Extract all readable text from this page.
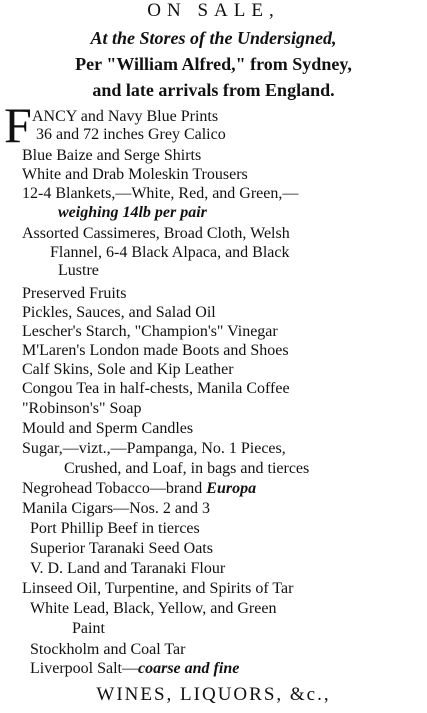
ON SALE,
At the Stores of the Undersigned,
Per "William Alfred," from Sydney,
and late arrivals from England.
F ANCY and Navy Blue Prints
36 and 72 inches Grey Calico
Blue Baize and Serge Shirts
White and Drab Moleskin Trousers
12-4 Blankets,—White, Red, and Green,—
weighing 14lb per pair
Assorted Cassimeres, Broad Cloth, Welsh
Flannel, 6-4 Black Alpaca, and Black
Lustre
Preserved Fruits
Pickles, Sauces, and Salad Oil
Lescher's Starch, "Champion's" Vinegar
M'Laren's London made Boots and Shoes
Calf Skins, Sole and Kip Leather
Congou Tea in half-chests, Manila Coffee
"Robinson's" Soap
Mould and Sperm Candles
Sugar,—vizt.,—Pampanga, No. 1 Pieces,
Crushed, and Loaf, in bags and tierces
Negrohead Tobacco—brand Europa
Manila Cigars—Nos. 2 and 3
Port Phillip Beef in tierces
Superior Taranaki Seed Oats
V. D. Land and Taranaki Flour
Linseed Oil, Turpentine, and Spirits of Tar
White Lead, Black, Yellow, and Green
Paint
Stockholm and Coal Tar
Liverpool Salt—coarse and fine
WINES, LIQUORS, &c.,
